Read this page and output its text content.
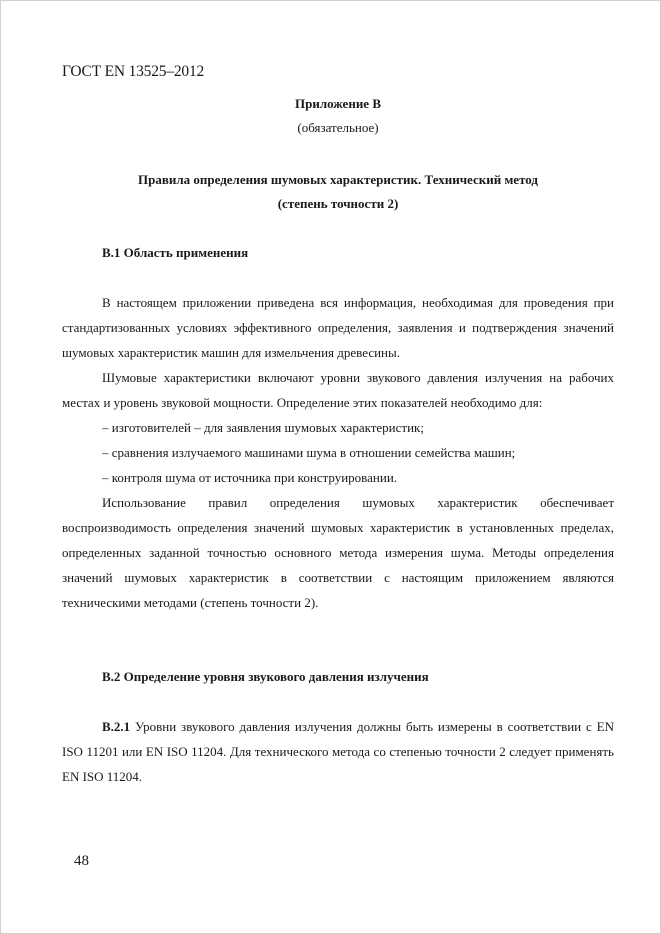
ГОСТ EN 13525–2012
Приложение В
(обязательное)
Правила определения шумовых характеристик. Технический метод
(степень точности 2)
В.1 Область применения

В настоящем приложении приведена вся информация, необходимая для проведения при стандартизованных условиях эффективного определения, заявления и подтверждения значений шумовых характеристик машин для измельчения древесины.

Шумовые характеристики включают уровни звукового давления излучения на рабочих местах и уровень звуковой мощности. Определение этих показателей необходимо для:

– изготовителей – для заявления шумовых характеристик;

– сравнения излучаемого машинами шума в отношении семейства машин;

– контроля шума от источника при конструировании.

Использование правил определения шумовых характеристик обеспечивает воспроизводимость определения значений шумовых характеристик в установленных пределах, определенных заданной точностью основного метода измерения шума. Методы определения значений шумовых характеристик в соответствии с настоящим приложением являются техническими методами (степень точности 2).

В.2 Определение уровня звукового давления излучения

В.2.1 Уровни звукового давления излучения должны быть измерены в соответствии с EN ISO 11201 или EN ISO 11204. Для технического метода со степенью точности 2 следует применять EN ISO 11204.

48
